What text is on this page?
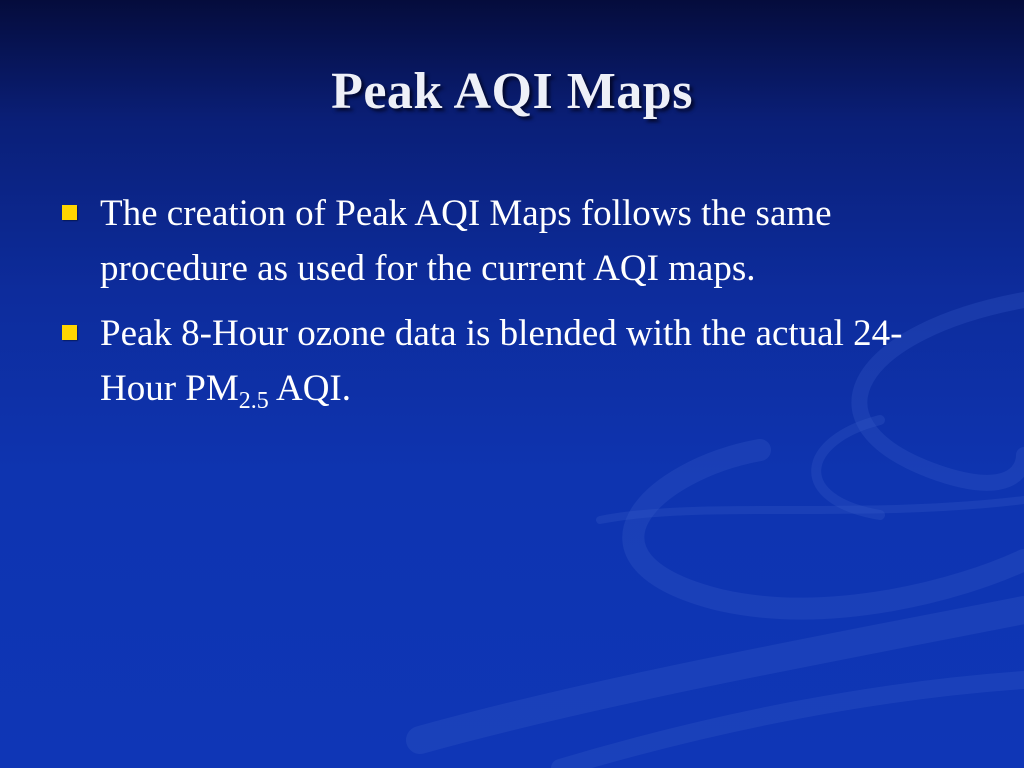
Peak AQI Maps
The creation of Peak AQI Maps follows the same procedure as used for the current AQI maps.
Peak 8-Hour ozone data is blended with the actual 24-Hour $PM_{2.5}$ AQI.
